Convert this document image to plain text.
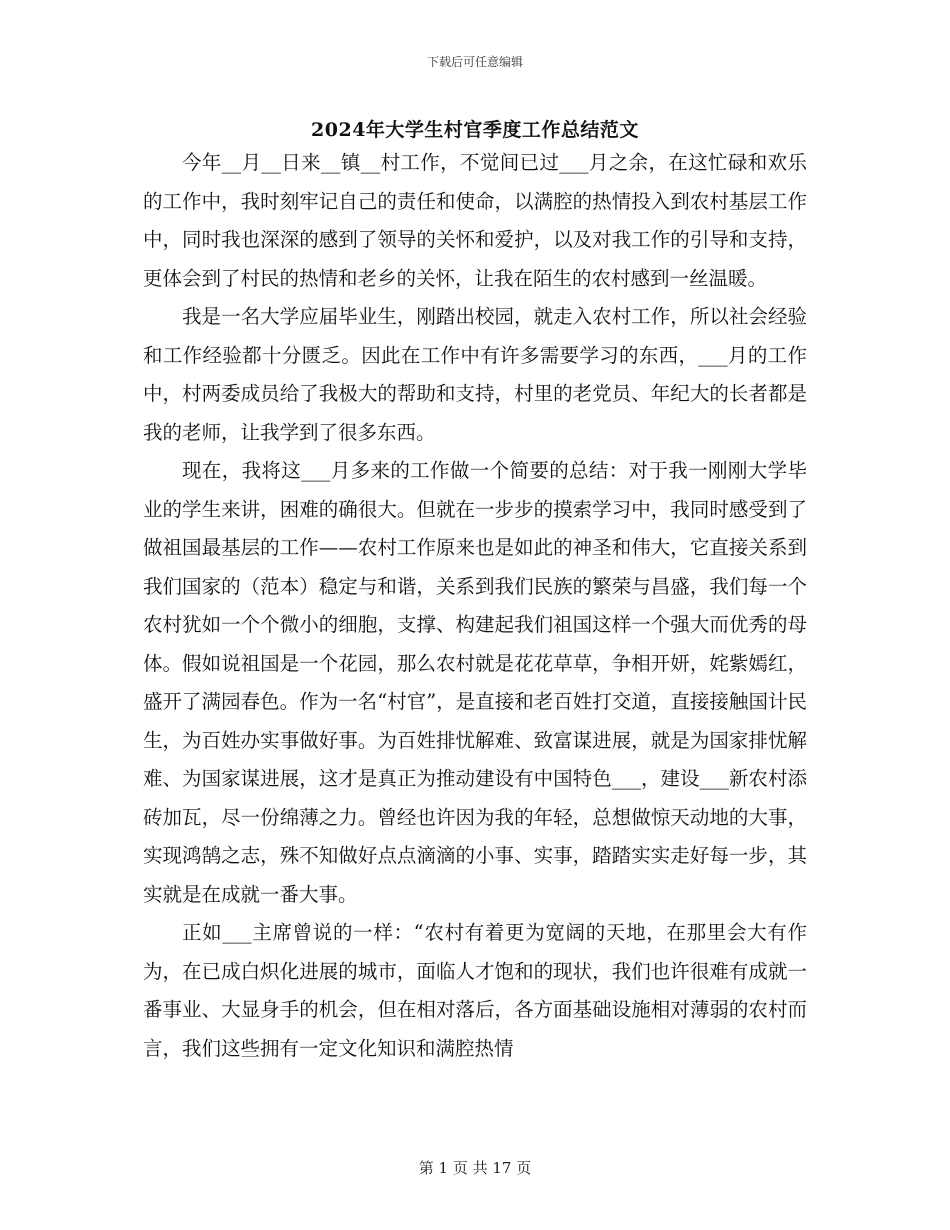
下载后可任意编辑
2024年大学生村官季度工作总结范文

今年__月__日来__镇__村工作，不觉间已过___月之余，在这忙碌和欢乐的工作中，我时刻牢记自己的责任和使命，以满腔的热情投入到农村基层工作中，同时我也深深的感到了领导的关怀和爱护，以及对我工作的引导和支持，更体会到了村民的热情和老乡的关怀，让我在陌生的农村感到一丝温暖。

我是一名大学应届毕业生，刚踏出校园，就走入农村工作，所以社会经验和工作经验都十分匮乏。因此在工作中有许多需要学习的东西，___月的工作中，村两委成员给了我极大的帮助和支持，村里的老党员、年纪大的长者都是我的老师，让我学到了很多东西。

现在，我将这___月多来的工作做一个简要的总结：对于我一刚刚大学毕业的学生来讲，困难的确很大。但就在一步步的摸索学习中，我同时感受到了做祖国最基层的工作——农村工作原来也是如此的神圣和伟大，它直接关系到我们国家的（范本）稳定与和谐，关系到我们民族的繁荣与昌盛，我们每一个农村犹如一个个微小的细胞，支撑、构建起我们祖国这样一个强大而优秀的母体。假如说祖国是一个花园，那么农村就是花花草草，争相开妍，姹紫嫣红，盛开了满园春色。作为一名“村官”，是直接和老百姓打交道，直接接触国计民生，为百姓办实事做好事。为百姓排忧解难、致富谋进展，就是为国家排忧解难、为国家谋进展，这才是真正为推动建设有中国特色___，建设___新农村添砖加瓦，尽一份绵薄之力。曾经也许因为我的年轻，总想做惊天动地的大事，实现鸿鹄之志，殊不知做好点点滴滴的小事、实事，踏踏实实走好每一步，其实就是在成就一番大事。

正如___主席曾说的一样：“农村有着更为宽阔的天地，在那里会大有作为，在已成白炽化进展的城市，面临人才饱和的现状，我们也许很难有成就一番事业、大显身手的机会，但在相对落后，各方面基础设施相对薄弱的农村而言，我们这些拥有一定文化知识和满腔热情

第 1 页 共 17 页
